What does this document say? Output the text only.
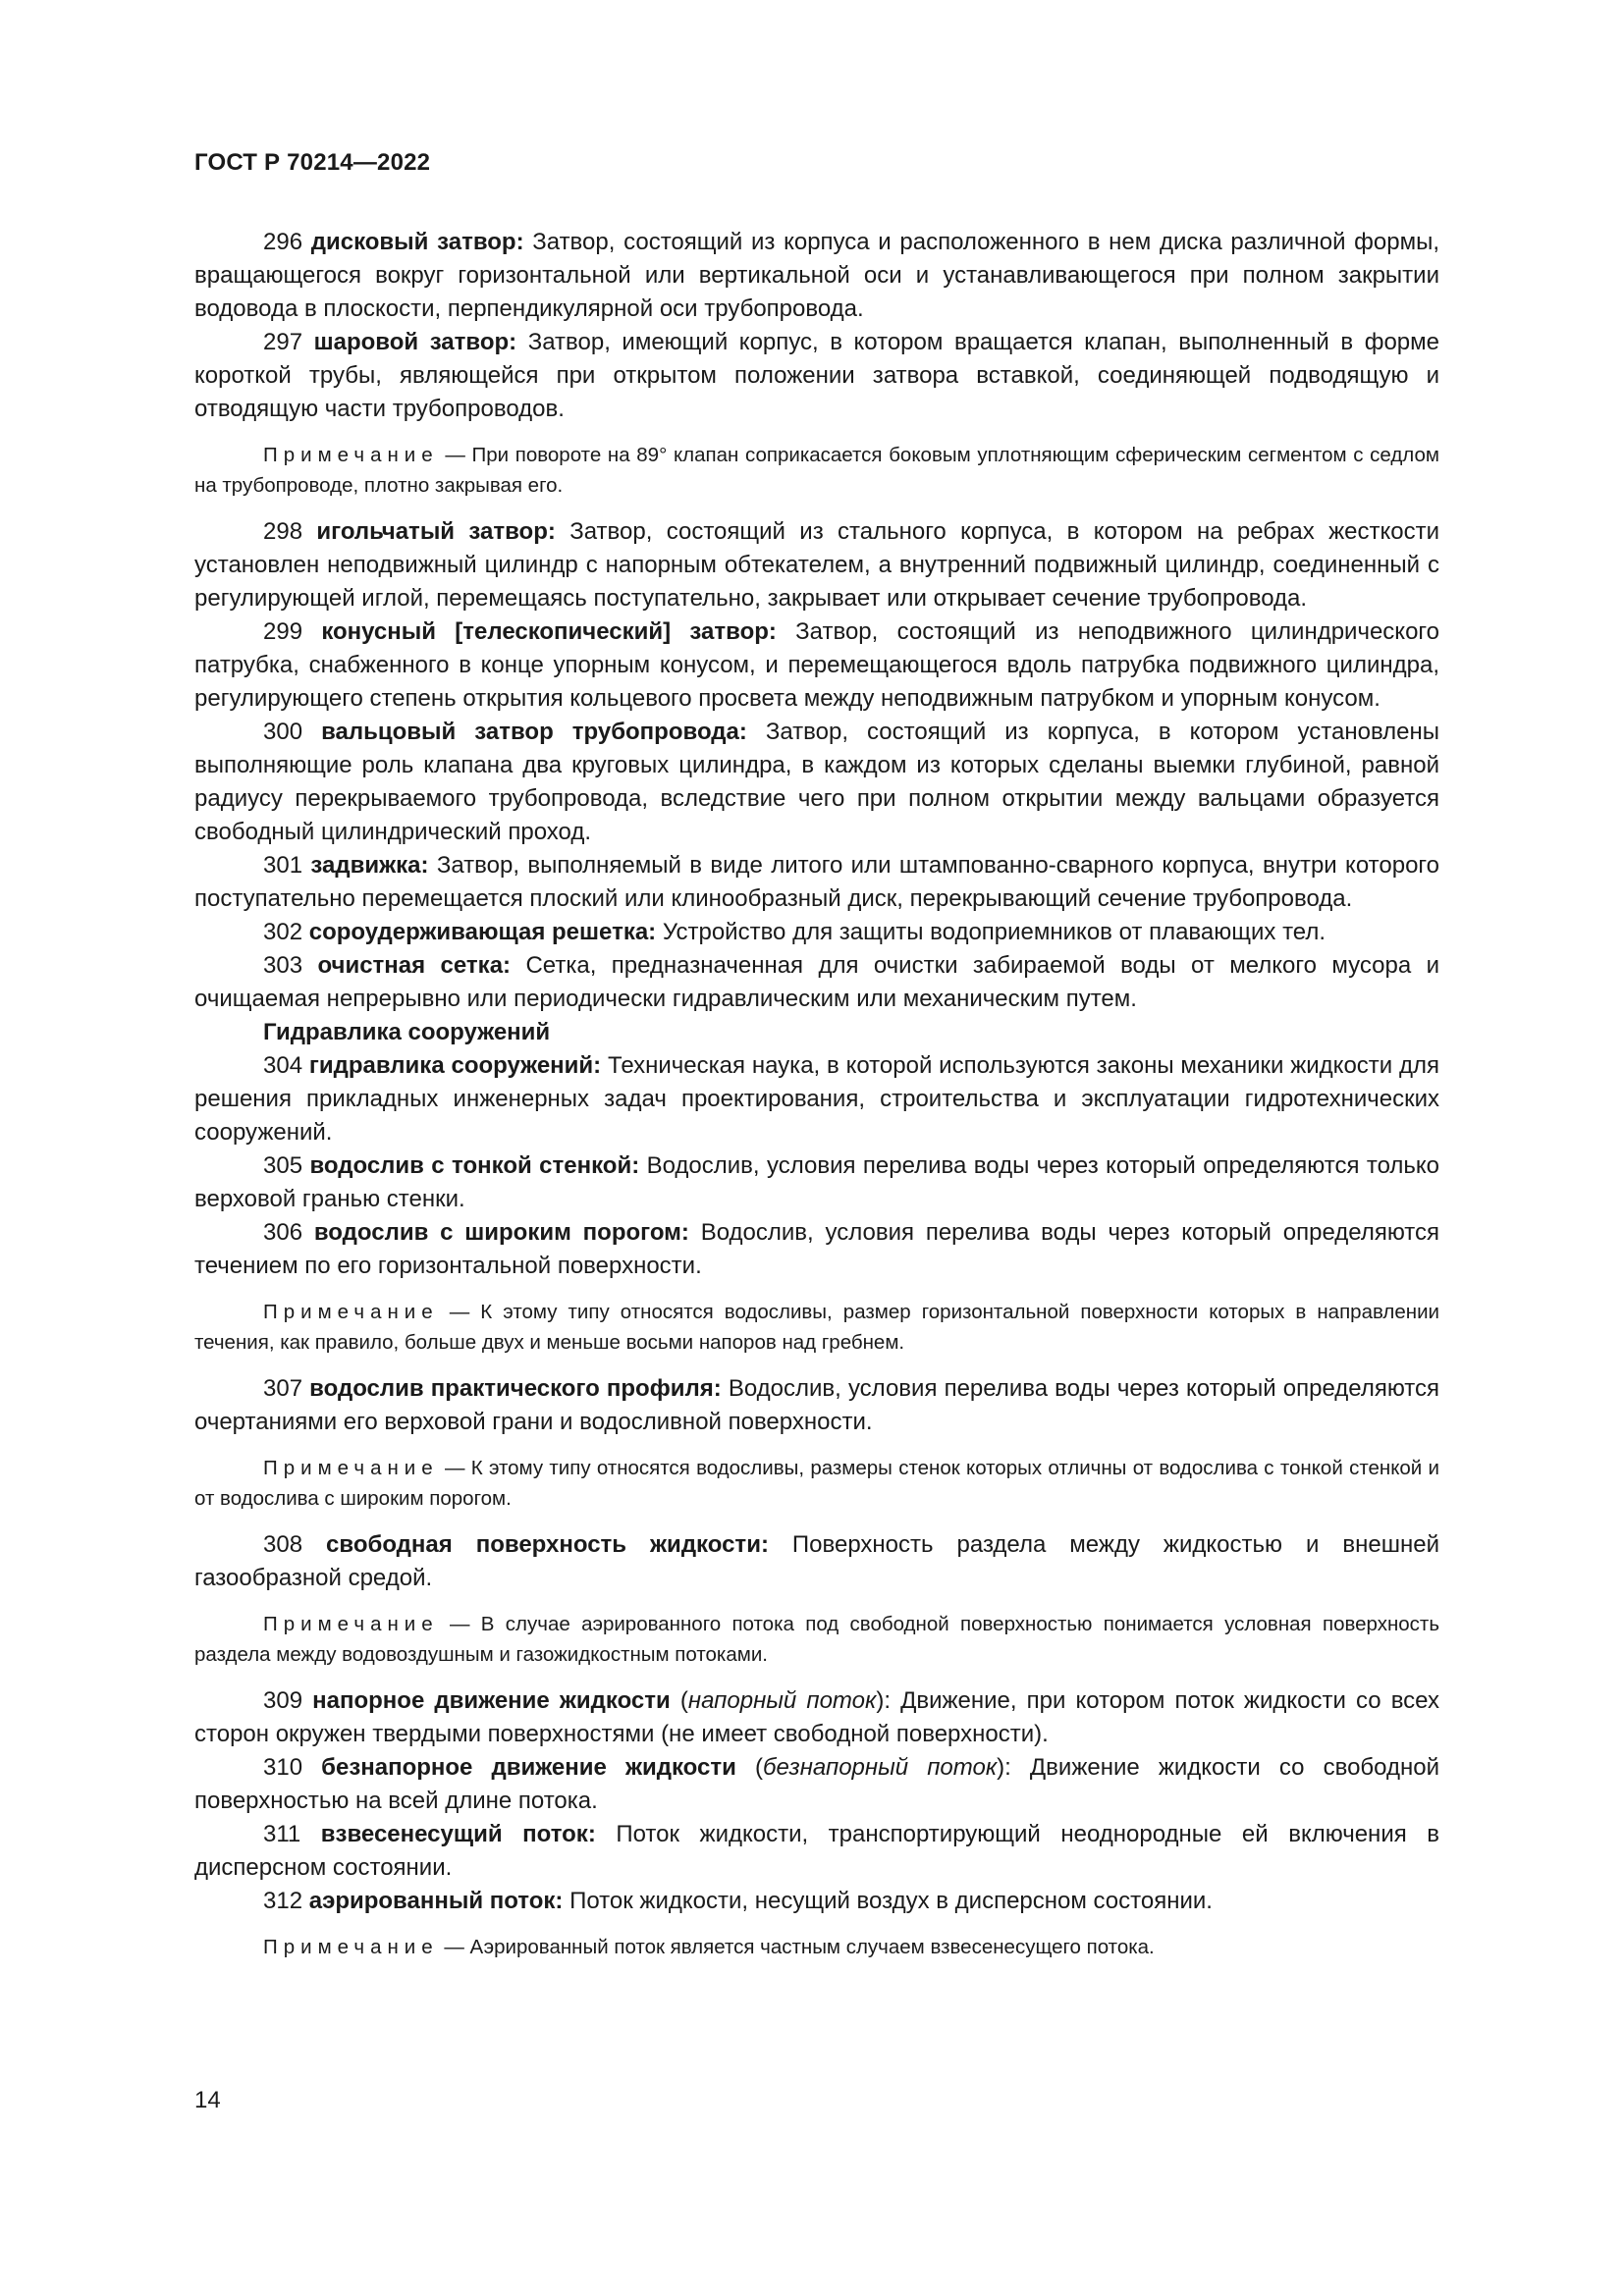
ГОСТ Р 70214—2022

296 дисковый затвор: Затвор, состоящий из корпуса и расположенного в нем диска различной формы, вращающегося вокруг горизонтальной или вертикальной оси и устанавливающегося при полном закрытии водовода в плоскости, перпендикулярной оси трубопровода.

297 шаровой затвор: Затвор, имеющий корпус, в котором вращается клапан, выполненный в форме короткой трубы, являющейся при открытом положении затвора вставкой, соединяющей подводящую и отводящую части трубопроводов.

Примечание — При повороте на 89° клапан соприкасается боковым уплотняющим сферическим сегментом с седлом на трубопроводе, плотно закрывая его.

298 игольчатый затвор: Затвор, состоящий из стального корпуса, в котором на ребрах жесткости установлен неподвижный цилиндр с напорным обтекателем, а внутренний подвижный цилиндр, соединенный с регулирующей иглой, перемещаясь поступательно, закрывает или открывает сечение трубопровода.

299 конусный [телескопический] затвор: Затвор, состоящий из неподвижного цилиндрического патрубка, снабженного в конце упорным конусом, и перемещающегося вдоль патрубка подвижного цилиндра, регулирующего степень открытия кольцевого просвета между неподвижным патрубком и упорным конусом.

300 вальцовый затвор трубопровода: Затвор, состоящий из корпуса, в котором установлены выполняющие роль клапана два круговых цилиндра, в каждом из которых сделаны выемки глубиной, равной радиусу перекрываемого трубопровода, вследствие чего при полном открытии между вальцами образуется свободный цилиндрический проход.

301 задвижка: Затвор, выполняемый в виде литого или штампованно-сварного корпуса, внутри которого поступательно перемещается плоский или клинообразный диск, перекрывающий сечение трубопровода.

302 сороудерживающая решетка: Устройство для защиты водоприемников от плавающих тел.

303 очистная сетка: Сетка, предназначенная для очистки забираемой воды от мелкого мусора и очищаемая непрерывно или периодически гидравлическим или механическим путем.

Гидравлика сооружений

304 гидравлика сооружений: Техническая наука, в которой используются законы механики жидкости для решения прикладных инженерных задач проектирования, строительства и эксплуатации гидротехнических сооружений.

305 водослив с тонкой стенкой: Водослив, условия перелива воды через который определяются только верховой гранью стенки.

306 водослив с широким порогом: Водослив, условия перелива воды через который определяются течением по его горизонтальной поверхности.

Примечание — К этому типу относятся водосливы, размер горизонтальной поверхности которых в направлении течения, как правило, больше двух и меньше восьми напоров над гребнем.

307 водослив практического профиля: Водослив, условия перелива воды через который определяются очертаниями его верховой грани и водосливной поверхности.

Примечание — К этому типу относятся водосливы, размеры стенок которых отличны от водослива с тонкой стенкой и от водослива с широким порогом.

308 свободная поверхность жидкости: Поверхность раздела между жидкостью и внешней газообразной средой.

Примечание — В случае аэрированного потока под свободной поверхностью понимается условная поверхность раздела между водовоздушным и газожидкостным потоками.

309 напорное движение жидкости (напорный поток): Движение, при котором поток жидкости со всех сторон окружен твердыми поверхностями (не имеет свободной поверхности).

310 безнапорное движение жидкости (безнапорный поток): Движение жидкости со свободной поверхностью на всей длине потока.

311 взвесенесущий поток: Поток жидкости, транспортирующий неоднородные ей включения в дисперсном состоянии.

312 аэрированный поток: Поток жидкости, несущий воздух в дисперсном состоянии.

Примечание — Аэрированный поток является частным случаем взвесенесущего потока.

14
